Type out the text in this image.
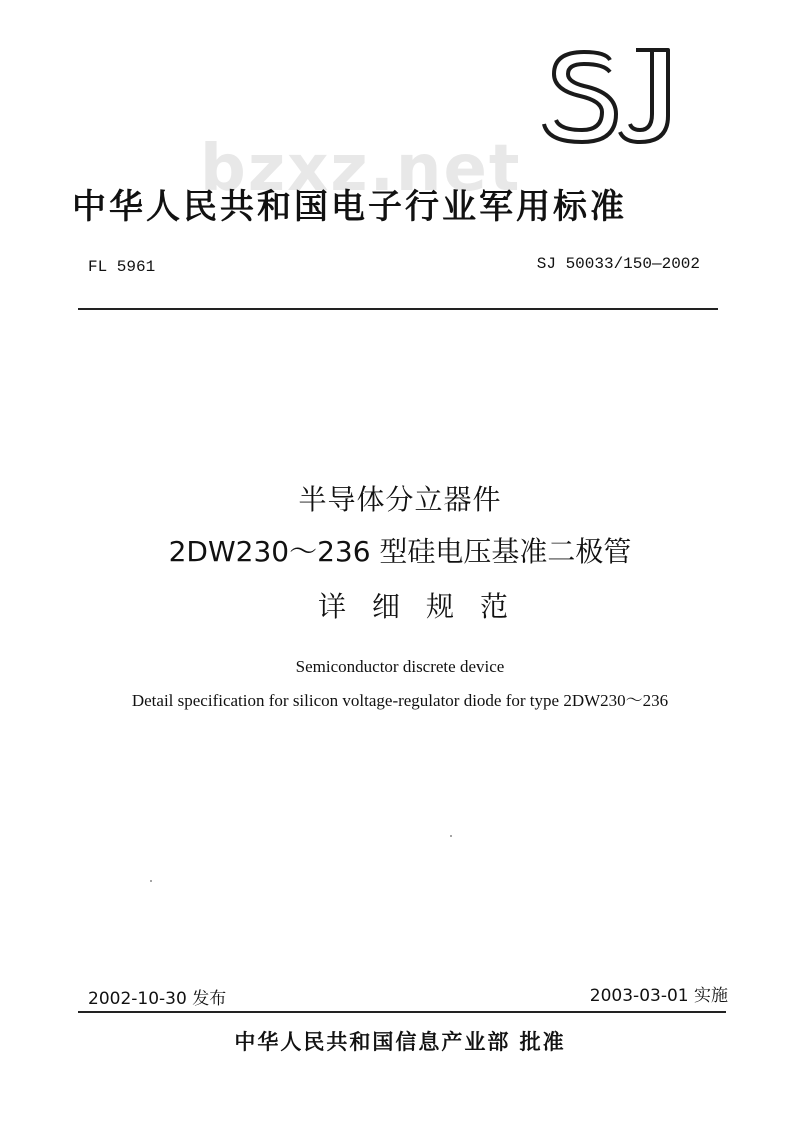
bzxz.net
中华人民共和国电子行业军用标准
FL 5961	SJ 50033/150—2002
半导体分立器件
2DW230～236 型硅电压基准二极管
详细规范
Semiconductor discrete device
Detail specification for silicon voltage-regulator diode for type 2DW230～236
2002-10-30 发布	2003-03-01 实施
中华人民共和国信息产业部 批准
